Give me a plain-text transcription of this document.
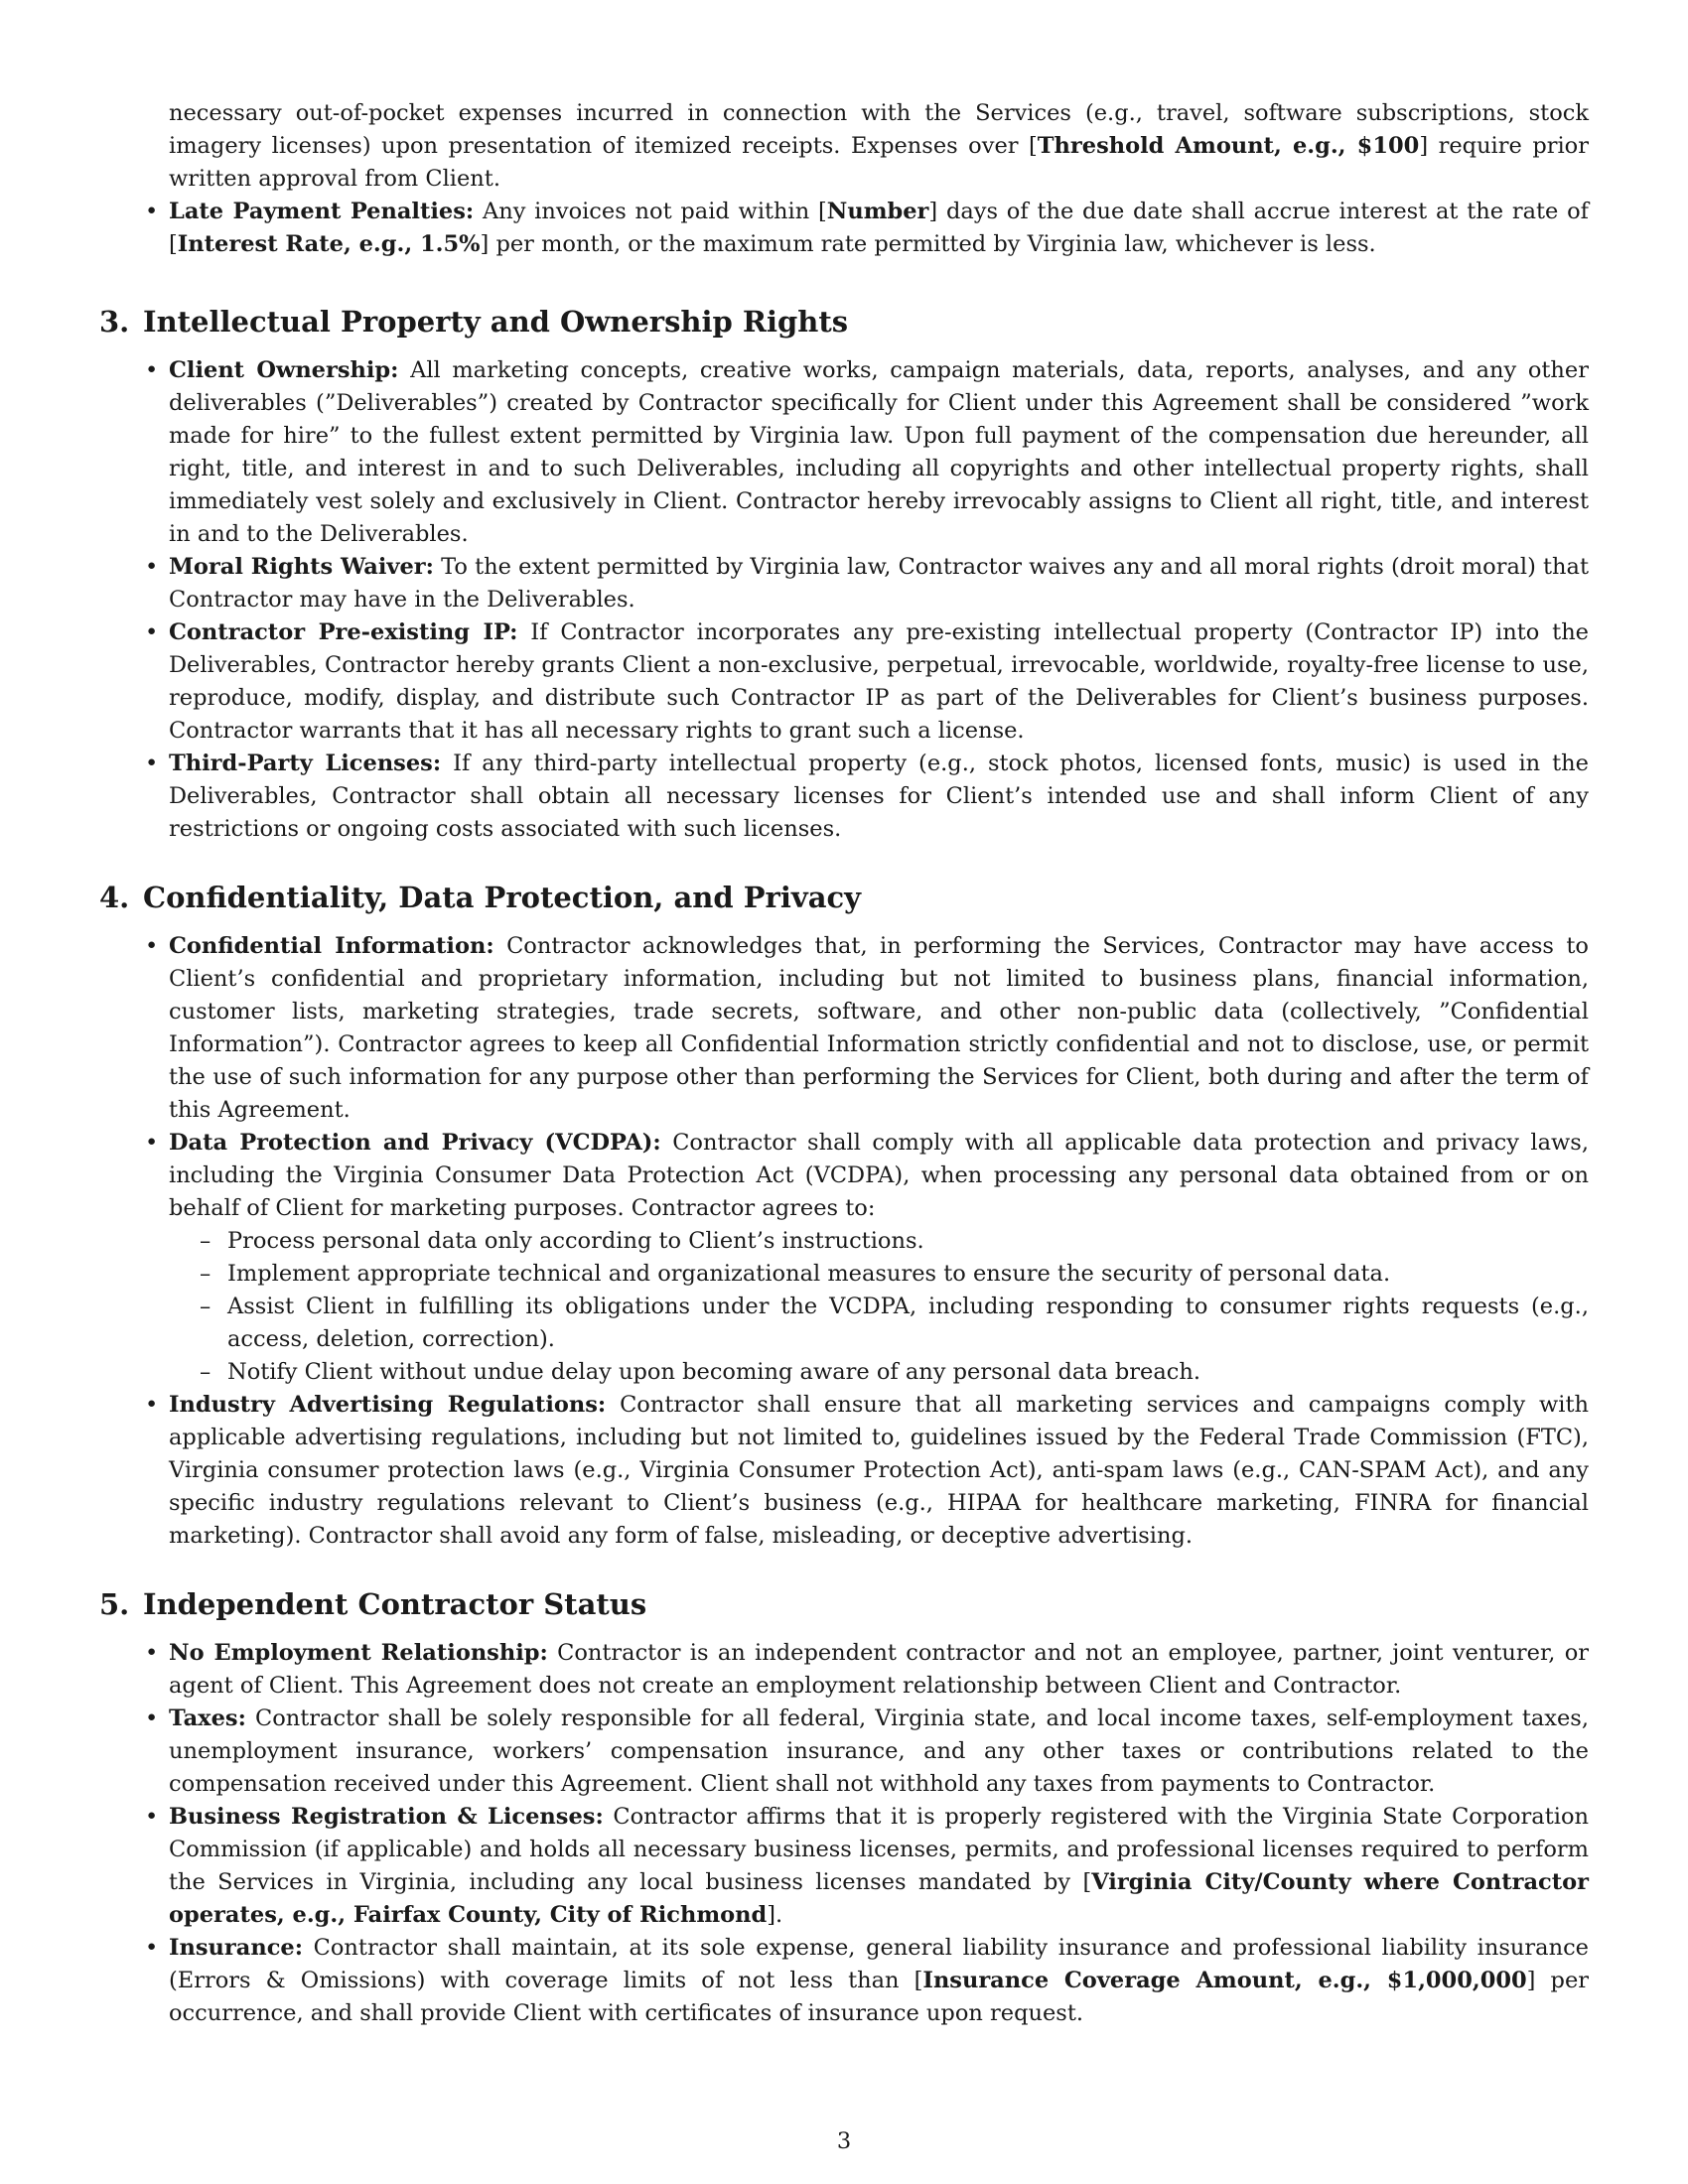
necessary out-of-pocket expenses incurred in connection with the Services (e.g., travel, software subscriptions, stock imagery licenses) upon presentation of itemized receipts. Expenses over [Threshold Amount, e.g., $100] require prior written approval from Client.
• Late Payment Penalties: Any invoices not paid within [Number] days of the due date shall accrue interest at the rate of [Interest Rate, e.g., 1.5%] per month, or the maximum rate permitted by Virginia law, whichever is less.
3. Intellectual Property and Ownership Rights
• Client Ownership: All marketing concepts, creative works, campaign materials, data, reports, analyses, and any other deliverables (”Deliverables”) created by Contractor specifically for Client under this Agreement shall be considered ”work made for hire” to the fullest extent permitted by Virginia law. Upon full payment of the compensation due hereunder, all right, title, and interest in and to such Deliverables, including all copyrights and other intellectual property rights, shall immediately vest solely and exclusively in Client. Contractor hereby irrevocably assigns to Client all right, title, and interest in and to the Deliverables.
• Moral Rights Waiver: To the extent permitted by Virginia law, Contractor waives any and all moral rights (droit moral) that Contractor may have in the Deliverables.
• Contractor Pre-existing IP: If Contractor incorporates any pre-existing intellectual property (Contractor IP) into the Deliverables, Contractor hereby grants Client a non-exclusive, perpetual, irrevocable, worldwide, royalty-free license to use, reproduce, modify, display, and distribute such Contractor IP as part of the Deliverables for Client’s business purposes. Contractor warrants that it has all necessary rights to grant such a license.
• Third-Party Licenses: If any third-party intellectual property (e.g., stock photos, licensed fonts, music) is used in the Deliverables, Contractor shall obtain all necessary licenses for Client’s intended use and shall inform Client of any restrictions or ongoing costs associated with such licenses.
4. Confidentiality, Data Protection, and Privacy
• Confidential Information: Contractor acknowledges that, in performing the Services, Contractor may have access to Client’s confidential and proprietary information, including but not limited to business plans, financial information, customer lists, marketing strategies, trade secrets, software, and other non-public data (collectively, ”Confidential Information”). Contractor agrees to keep all Confidential Information strictly confidential and not to disclose, use, or permit the use of such information for any purpose other than performing the Services for Client, both during and after the term of this Agreement.
• Data Protection and Privacy (VCDPA): Contractor shall comply with all applicable data protection and privacy laws, including the Virginia Consumer Data Protection Act (VCDPA), when processing any personal data obtained from or on behalf of Client for marketing purposes. Contractor agrees to:
– Process personal data only according to Client’s instructions.
– Implement appropriate technical and organizational measures to ensure the security of personal data.
– Assist Client in fulfilling its obligations under the VCDPA, including responding to consumer rights requests (e.g., access, deletion, correction).
– Notify Client without undue delay upon becoming aware of any personal data breach.
• Industry Advertising Regulations: Contractor shall ensure that all marketing services and campaigns comply with applicable advertising regulations, including but not limited to, guidelines issued by the Federal Trade Commission (FTC), Virginia consumer protection laws (e.g., Virginia Consumer Protection Act), anti-spam laws (e.g., CAN-SPAM Act), and any specific industry regulations relevant to Client’s business (e.g., HIPAA for healthcare marketing, FINRA for financial marketing). Contractor shall avoid any form of false, misleading, or deceptive advertising.
5. Independent Contractor Status
• No Employment Relationship: Contractor is an independent contractor and not an employee, partner, joint venturer, or agent of Client. This Agreement does not create an employment relationship between Client and Contractor.
• Taxes: Contractor shall be solely responsible for all federal, Virginia state, and local income taxes, self-employment taxes, unemployment insurance, workers’ compensation insurance, and any other taxes or contributions related to the compensation received under this Agreement. Client shall not withhold any taxes from payments to Contractor.
• Business Registration & Licenses: Contractor affirms that it is properly registered with the Virginia State Corporation Commission (if applicable) and holds all necessary business licenses, permits, and professional licenses required to perform the Services in Virginia, including any local business licenses mandated by [Virginia City/County where Contractor operates, e.g., Fairfax County, City of Richmond].
• Insurance: Contractor shall maintain, at its sole expense, general liability insurance and professional liability insurance (Errors & Omissions) with coverage limits of not less than [Insurance Coverage Amount, e.g., $1,000,000] per occurrence, and shall provide Client with certificates of insurance upon request.
3
